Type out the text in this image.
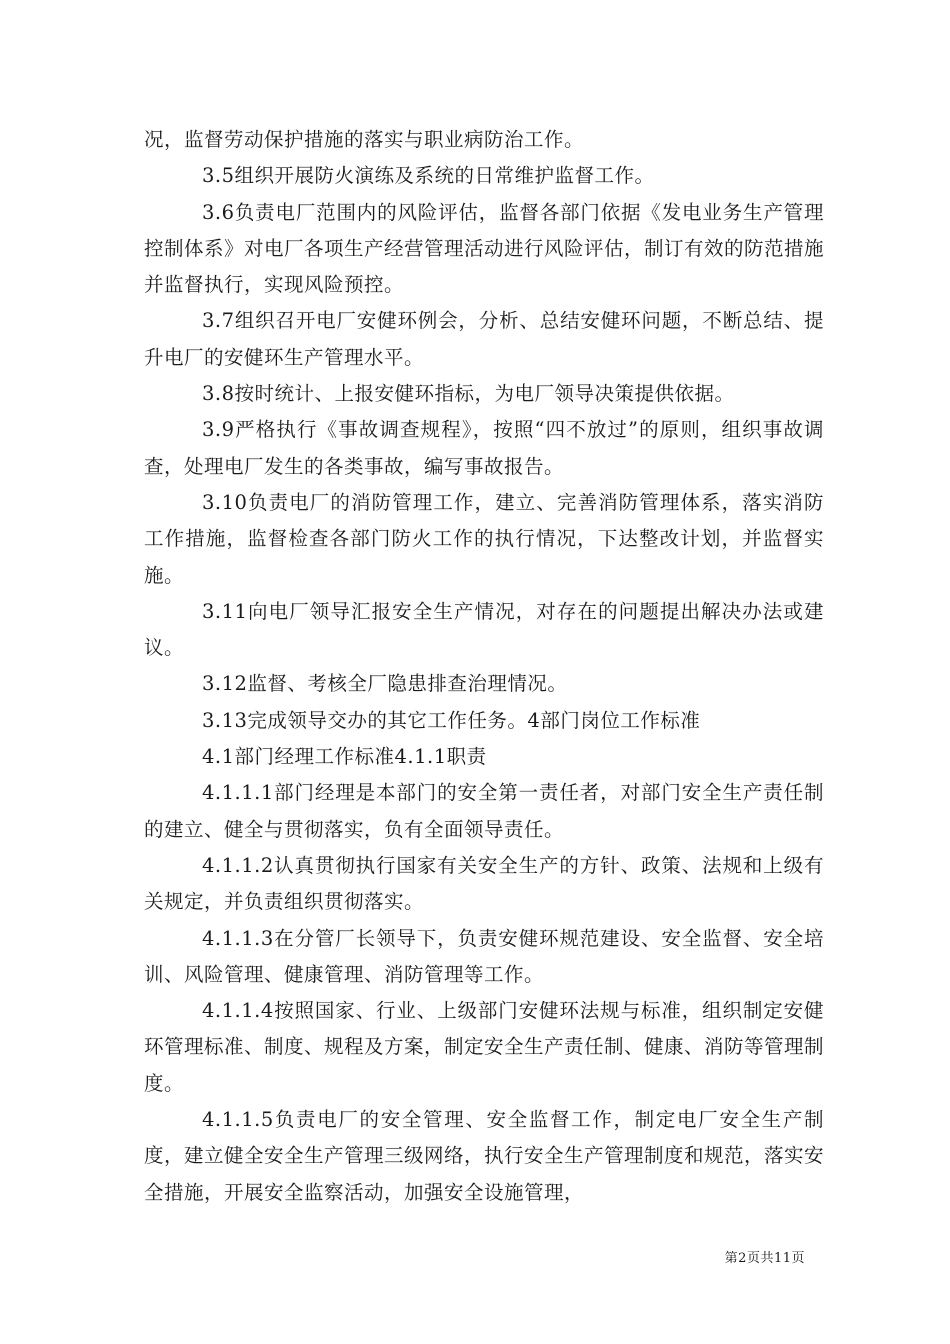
况，监督劳动保护措施的落实与职业病防治工作。

3.5组织开展防火演练及系统的日常维护监督工作。

3.6负责电厂范围内的风险评估，监督各部门依据《发电业务生产管理控制体系》对电厂各项生产经营管理活动进行风险评估，制订有效的防范措施并监督执行，实现风险预控。

3.7组织召开电厂安健环例会，分析、总结安健环问题，不断总结、提升电厂的安健环生产管理水平。

3.8按时统计、上报安健环指标，为电厂领导决策提供依据。

3.9严格执行《事故调查规程》，按照“四不放过”的原则，组织事故调查，处理电厂发生的各类事故，编写事故报告。

3.10负责电厂的消防管理工作，建立、完善消防管理体系，落实消防工作措施，监督检查各部门防火工作的执行情况，下达整改计划，并监督实施。

3.11向电厂领导汇报安全生产情况，对存在的问题提出解决办法或建议。

3.12监督、考核全厂隐患排查治理情况。

3.13完成领导交办的其它工作任务。4部门岗位工作标准

4.1部门经理工作标准4.1.1职责

4.1.1.1部门经理是本部门的安全第一责任者，对部门安全生产责任制的建立、健全与贯彻落实，负有全面领导责任。

4.1.1.2认真贯彻执行国家有关安全生产的方针、政策、法规和上级有关规定，并负责组织贯彻落实。

4.1.1.3在分管厂长领导下，负责安健环规范建设、安全监督、安全培训、风险管理、健康管理、消防管理等工作。

4.1.1.4按照国家、行业、上级部门安健环法规与标准，组织制定安健环管理标准、制度、规程及方案，制定安全生产责任制、健康、消防等管理制度。

4.1.1.5负责电厂的安全管理、安全监督工作，制定电厂安全生产制度，建立健全安全生产管理三级网络，执行安全生产管理制度和规范，落实安全措施，开展安全监察活动，加强安全设施管理，

第2页共11页
